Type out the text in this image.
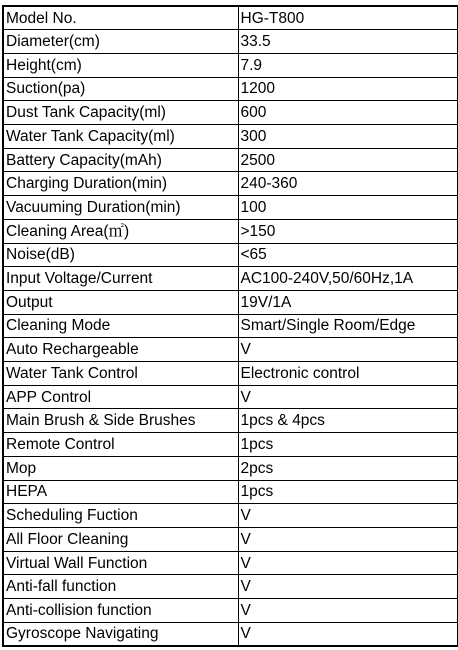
Model No.	HG-T800
Diameter(cm)	33.5
Height(cm)	7.9
Suction(pa)	1200
Dust Tank Capacity(ml)	600
Water Tank Capacity(ml)	300
Battery Capacity(mAh)	2500
Charging Duration(min)	240-360
Vacuuming Duration(min)	100
Cleaning Area(㎡)	>150
Noise(dB)	<65
Input Voltage/Current	AC100-240V,50/60Hz,1A
Output	19V/1A
Cleaning Mode	Smart/Single Room/Edge
Auto Rechargeable	V
Water Tank Control	Electronic control
APP Control	V
Main Brush & Side Brushes	1pcs & 4pcs
Remote Control	1pcs
Mop	2pcs
HEPA	1pcs
Scheduling Fuction	V
All Floor Cleaning	V
Virtual Wall Function	V
Anti-fall function	V
Anti-collision function	V
Gyroscope Navigating	V
